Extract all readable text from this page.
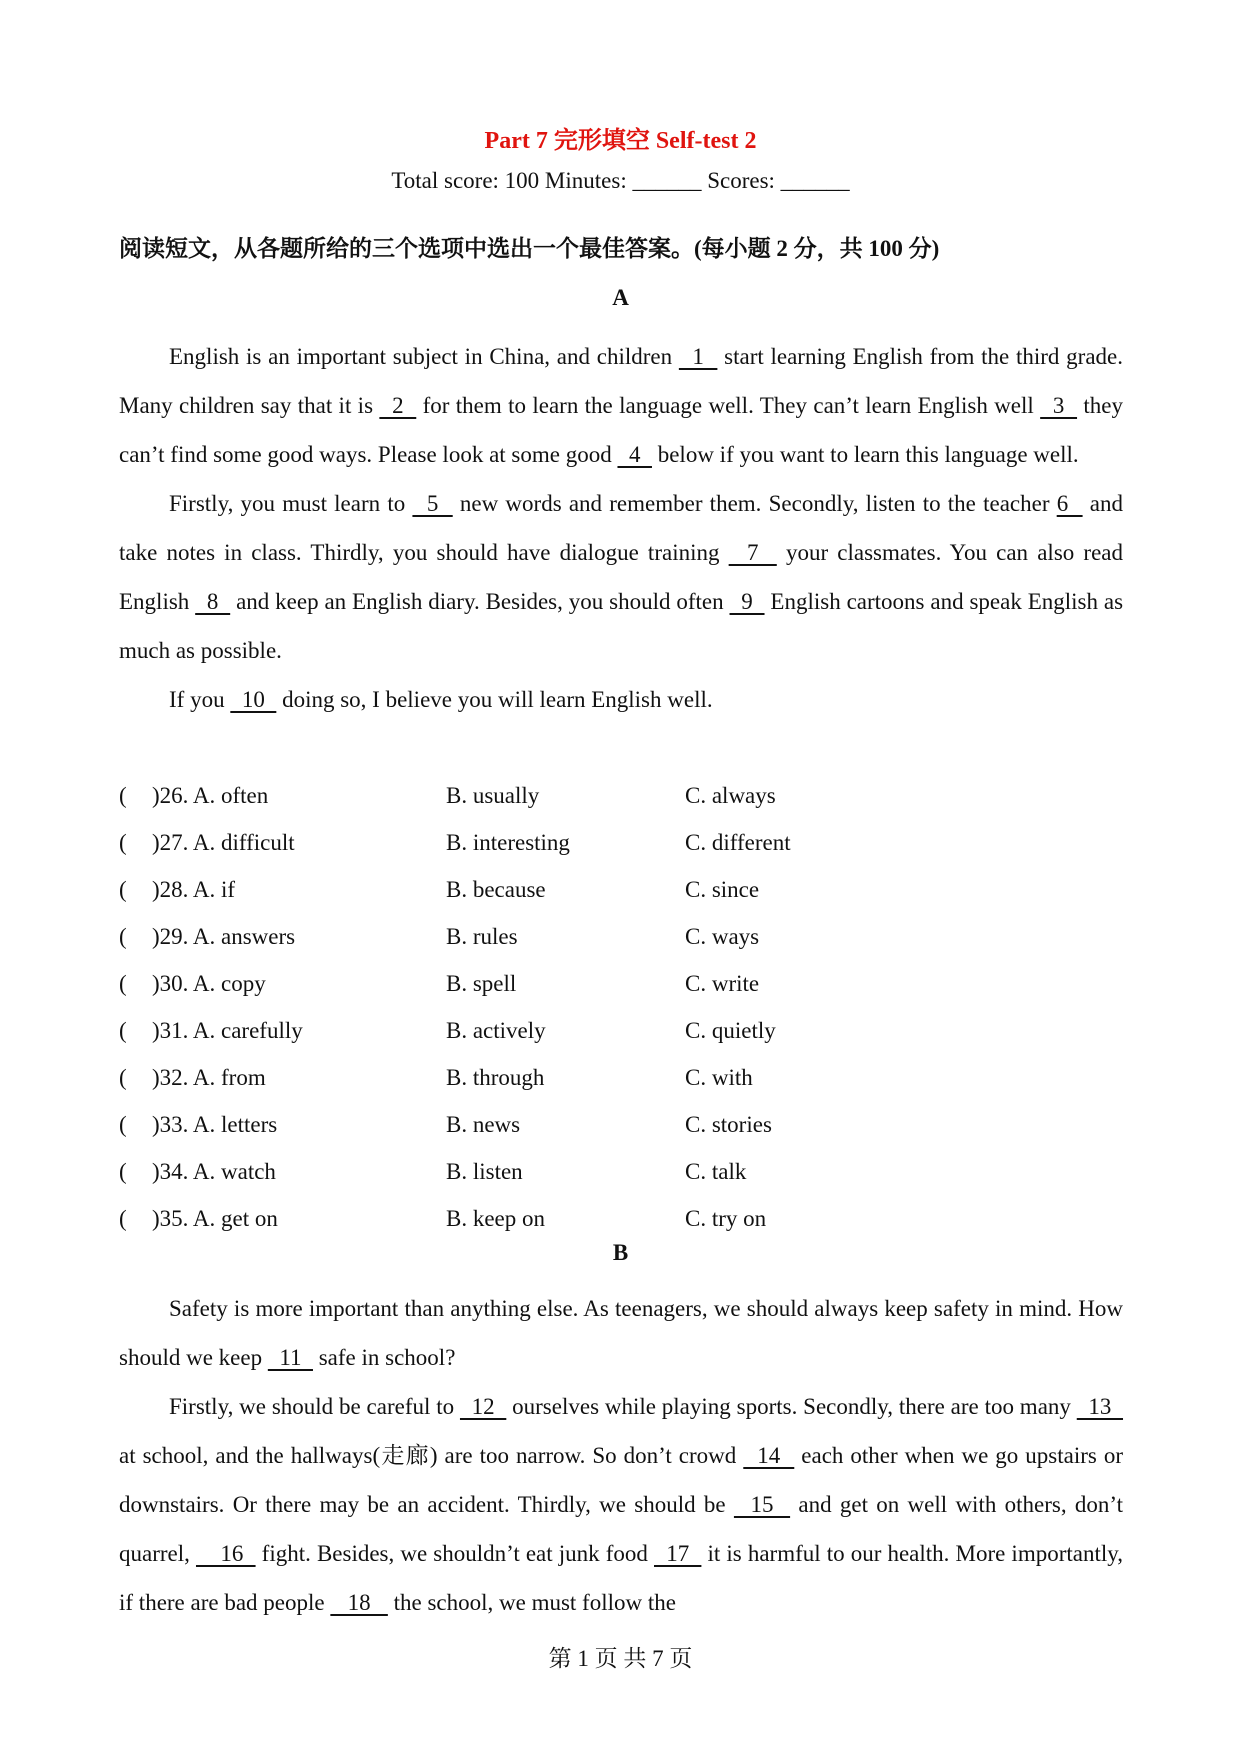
Part 7 完形填空 Self-test 2
Total score: 100 Minutes: ______ Scores: ______
阅读短文，从各题所给的三个选项中选出一个最佳答案。(每小题 2 分，共 100 分)
A

English is an important subject in China, and children   1   start learning English from the third grade. Many children say that it is   2   for them to learn the language well. They can’t learn English well   3   they can’t find some good ways. Please look at some good   4   below if you want to learn this language well.

Firstly, you must learn to   5   new words and remember them. Secondly, listen to the teacher 6   and take notes in class. Thirdly, you should have dialogue training   7   your classmates. You can also read English   8   and keep an English diary. Besides, you should often   9   English cartoons and speak English as much as possible.

If you   10   doing so, I believe you will learn English well.

( )26. A. often	B. usually	C. always
( )27. A. difficult	B. interesting	C. different
( )28. A. if	B. because	C. since
( )29. A. answers	B. rules	C. ways
( )30. A. copy	B. spell	C. write
( )31. A. carefully	B. actively	C. quietly
( )32. A. from	B. through	C. with
( )33. A. letters	B. news	C. stories
( )34. A. watch	B. listen	C. talk
( )35. A. get on	B. keep on	C. try on
B

Safety is more important than anything else. As teenagers, we should always keep safety in mind. How should we keep   11   safe in school?

Firstly, we should be careful to   12   ourselves while playing sports. Secondly, there are too many   13   at school, and the hallways(走廊) are too narrow. So don’t crowd   14   each other when we go upstairs or downstairs. Or there may be an accident. Thirdly, we should be   15   and get on well with others, don’t quarrel,     16   fight. Besides, we shouldn’t eat junk food   17   it is harmful to our health. More importantly, if there are bad people    18    the school, we must follow the

第 1 页 共 7 页
